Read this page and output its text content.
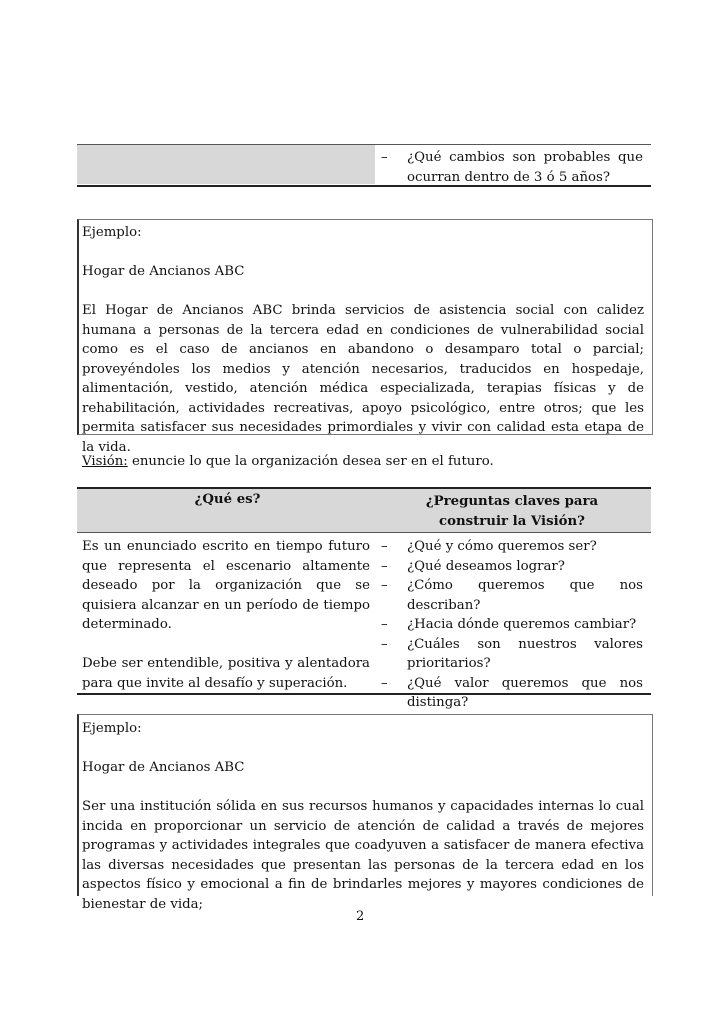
– ¿Qué cambios son probables que ocurran dentro de 3 ó 5 años?
Ejemplo:
Hogar de Ancianos ABC
El Hogar de Ancianos ABC brinda servicios de asistencia social con calidez humana a personas de la tercera edad en condiciones de vulnerabilidad social como es el caso de ancianos en abandono o desamparo total o parcial; proveyéndoles los medios y atención necesarios, traducidos en hospedaje, alimentación, vestido, atención médica especializada, terapias físicas y de rehabilitación, actividades recreativas, apoyo psicológico, entre otros; que les permita satisfacer sus necesidades primordiales y vivir con calidad esta etapa de la vida.
Visión: enuncie lo que la organización desea ser en el futuro.
¿Qué es?	¿Preguntas claves para construir la Visión?
Es un enunciado escrito en tiempo futuro que representa el escenario altamente deseado por la organización que se quisiera alcanzar en un período de tiempo determinado.
Debe ser entendible, positiva y alentadora para que invite al desafío y superación.
– ¿Qué y cómo queremos ser?
– ¿Qué deseamos lograr?
– ¿Cómo queremos que nos describan?
– ¿Hacia dónde queremos cambiar?
– ¿Cuáles son nuestros valores prioritarios?
– ¿Qué valor queremos que nos distinga?
Ejemplo:
Hogar de Ancianos ABC
Ser una institución sólida en sus recursos humanos y capacidades internas lo cual incida en proporcionar un servicio de atención de calidad a través de mejores programas y actividades integrales que coadyuven a satisfacer de manera efectiva las diversas necesidades que presentan las personas de la tercera edad en los aspectos físico y emocional a fin de brindarles mejores y mayores condiciones de bienestar de vida;
2
